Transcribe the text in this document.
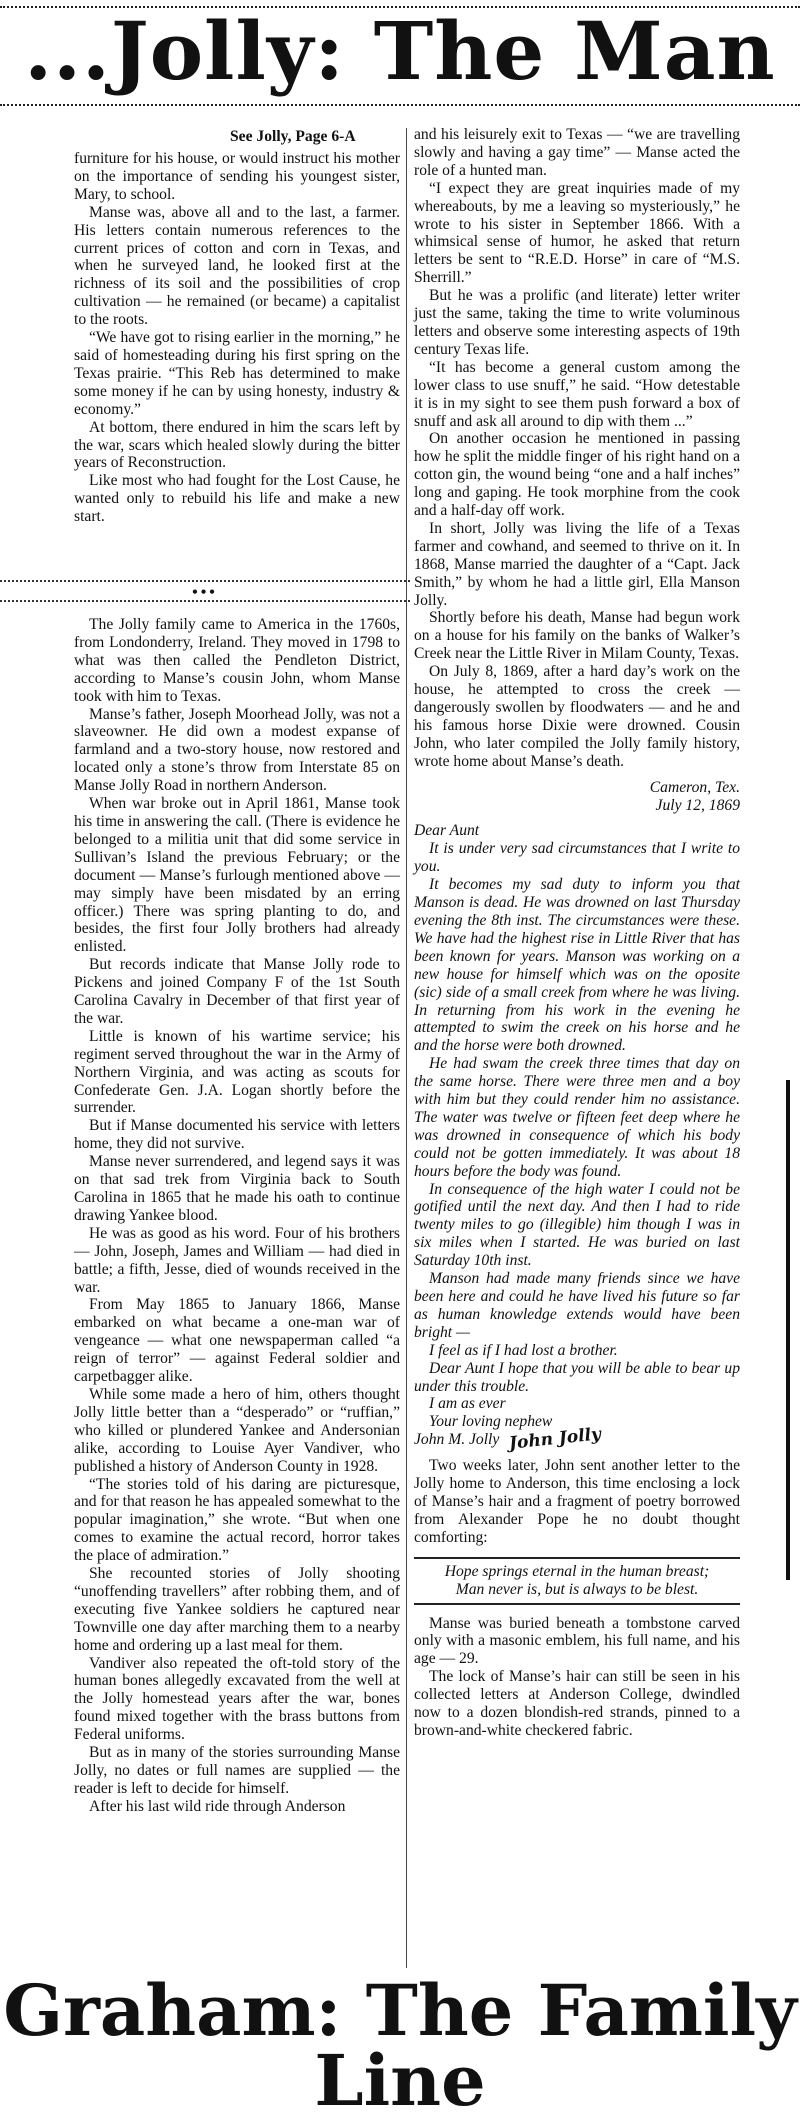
...Jolly: The Man
See Jolly, Page 6-A

furniture for his house, or would instruct his mother on the importance of sending his youngest sister, Mary, to school.

Manse was, above all and to the last, a farmer. His letters contain numerous references to the current prices of cotton and corn in Texas, and when he surveyed land, he looked first at the richness of its soil and the possibilities of crop cultivation — he remained (or became) a capitalist to the roots.

“We have got to rising earlier in the morning,” he said of homesteading during his first spring on the Texas prairie. “This Reb has determined to make some money if he can by using honesty, industry & economy.”

At bottom, there endured in him the scars left by the war, scars which healed slowly during the bitter years of Reconstruction.

Like most who had fought for the Lost Cause, he wanted only to rebuild his life and make a new start.

•••

The Jolly family came to America in the 1760s, from Londonderry, Ireland. They moved in 1798 to what was then called the Pendleton District, according to Manse’s cousin John, whom Manse took with him to Texas.

Manse’s father, Joseph Moorhead Jolly, was not a slaveowner. He did own a modest expanse of farmland and a two-story house, now restored and located only a stone’s throw from Interstate 85 on Manse Jolly Road in northern Anderson.

When war broke out in April 1861, Manse took his time in answering the call. (There is evidence he belonged to a militia unit that did some service in Sullivan’s Island the previous February; or the document — Manse’s furlough mentioned above — may simply have been misdated by an erring officer.) There was spring planting to do, and besides, the first four Jolly brothers had already enlisted.

But records indicate that Manse Jolly rode to Pickens and joined Company F of the 1st South Carolina Cavalry in December of that first year of the war.

Little is known of his wartime service; his regiment served throughout the war in the Army of Northern Virginia, and was acting as scouts for Confederate Gen. J.A. Logan shortly before the surrender.

But if Manse documented his service with letters home, they did not survive.

Manse never surrendered, and legend says it was on that sad trek from Virginia back to South Carolina in 1865 that he made his oath to continue drawing Yankee blood.

He was as good as his word. Four of his brothers — John, Joseph, James and William — had died in battle; a fifth, Jesse, died of wounds received in the war.

From May 1865 to January 1866, Manse embarked on what became a one-man war of vengeance — what one newspaperman called “a reign of terror” — against Federal soldier and carpetbagger alike.

While some made a hero of him, others thought Jolly little better than a “desperado” or “ruffian,” who killed or plundered Yankee and Andersonian alike, according to Louise Ayer Vandiver, who published a history of Anderson County in 1928.

“The stories told of his daring are picturesque, and for that reason he has appealed somewhat to the popular imagination,” she wrote. “But when one comes to examine the actual record, horror takes the place of admiration.”

She recounted stories of Jolly shooting “unoffending travellers” after robbing them, and of executing five Yankee soldiers he captured near Townville one day after marching them to a nearby home and ordering up a last meal for them.

Vandiver also repeated the oft-told story of the human bones allegedly excavated from the well at the Jolly homestead years after the war, bones found mixed together with the brass buttons from Federal uniforms.

But as in many of the stories surrounding Manse Jolly, no dates or full names are supplied — the reader is left to decide for himself.

After his last wild ride through Anderson

and his leisurely exit to Texas — “we are travelling slowly and having a gay time” — Manse acted the role of a hunted man.

“I expect they are great inquiries made of my whereabouts, by me a leaving so mysteriously,” he wrote to his sister in September 1866. With a whimsical sense of humor, he asked that return letters be sent to “R.E.D. Horse” in care of “M.S. Sherrill.”

But he was a prolific (and literate) letter writer just the same, taking the time to write voluminous letters and observe some interesting aspects of 19th century Texas life.

“It has become a general custom among the lower class to use snuff,” he said. “How detestable it is in my sight to see them push forward a box of snuff and ask all around to dip with them ...”

On another occasion he mentioned in passing how he split the middle finger of his right hand on a cotton gin, the wound being “one and a half inches” long and gaping. He took morphine from the cook and a half-day off work.

In short, Jolly was living the life of a Texas farmer and cowhand, and seemed to thrive on it. In 1868, Manse married the daughter of a “Capt. Jack Smith,” by whom he had a little girl, Ella Manson Jolly.

Shortly before his death, Manse had begun work on a house for his family on the banks of Walker’s Creek near the Little River in Milam County, Texas.

On July 8, 1869, after a hard day’s work on the house, he attempted to cross the creek — dangerously swollen by floodwaters — and he and his famous horse Dixie were drowned. Cousin John, who later compiled the Jolly family history, wrote home about Manse’s death.

Cameron, Tex.
July 12, 1869

Dear Aunt

It is under very sad circumstances that I write to you.

It becomes my sad duty to inform you that Manson is dead. He was drowned on last Thursday evening the 8th inst. The circumstances were these. We have had the highest rise in Little River that has been known for years. Manson was working on a new house for himself which was on the oposite (sic) side of a small creek from where he was living. In returning from his work in the evening he attempted to swim the creek on his horse and he and the horse were both drowned.

He had swam the creek three times that day on the same horse. There were three men and a boy with him but they could render him no assistance. The water was twelve or fifteen feet deep where he was drowned in consequence of which his body could not be gotten immediately. It was about 18 hours before the body was found.

In consequence of the high water I could not be gotified until the next day. And then I had to ride twenty miles to go (illegible) him though I was in six miles when I started. He was buried on last Saturday 10th inst.

Manson had made many friends since we have been here and could he have lived his future so far as human knowledge extends would have been bright —

I feel as if I had lost a brother.

Dear Aunt I hope that you will be able to bear up under this trouble.

I am as ever

Your loving nephew

John M. Jolly John Jolly

Two weeks later, John sent another letter to the Jolly home to Anderson, this time enclosing a lock of Manse’s hair and a fragment of poetry borrowed from Alexander Pope he no doubt thought comforting:

Hope springs eternal in the human breast;

Man never is, but is always to be blest.

Manse was buried beneath a tombstone carved only with a masonic emblem, his full name, and his age — 29.

The lock of Manse’s hair can still be seen in his collected letters at Anderson College, dwindled now to a dozen blondish-red strands, pinned to a brown-and-white checkered fabric.

Graham: The Family Line
